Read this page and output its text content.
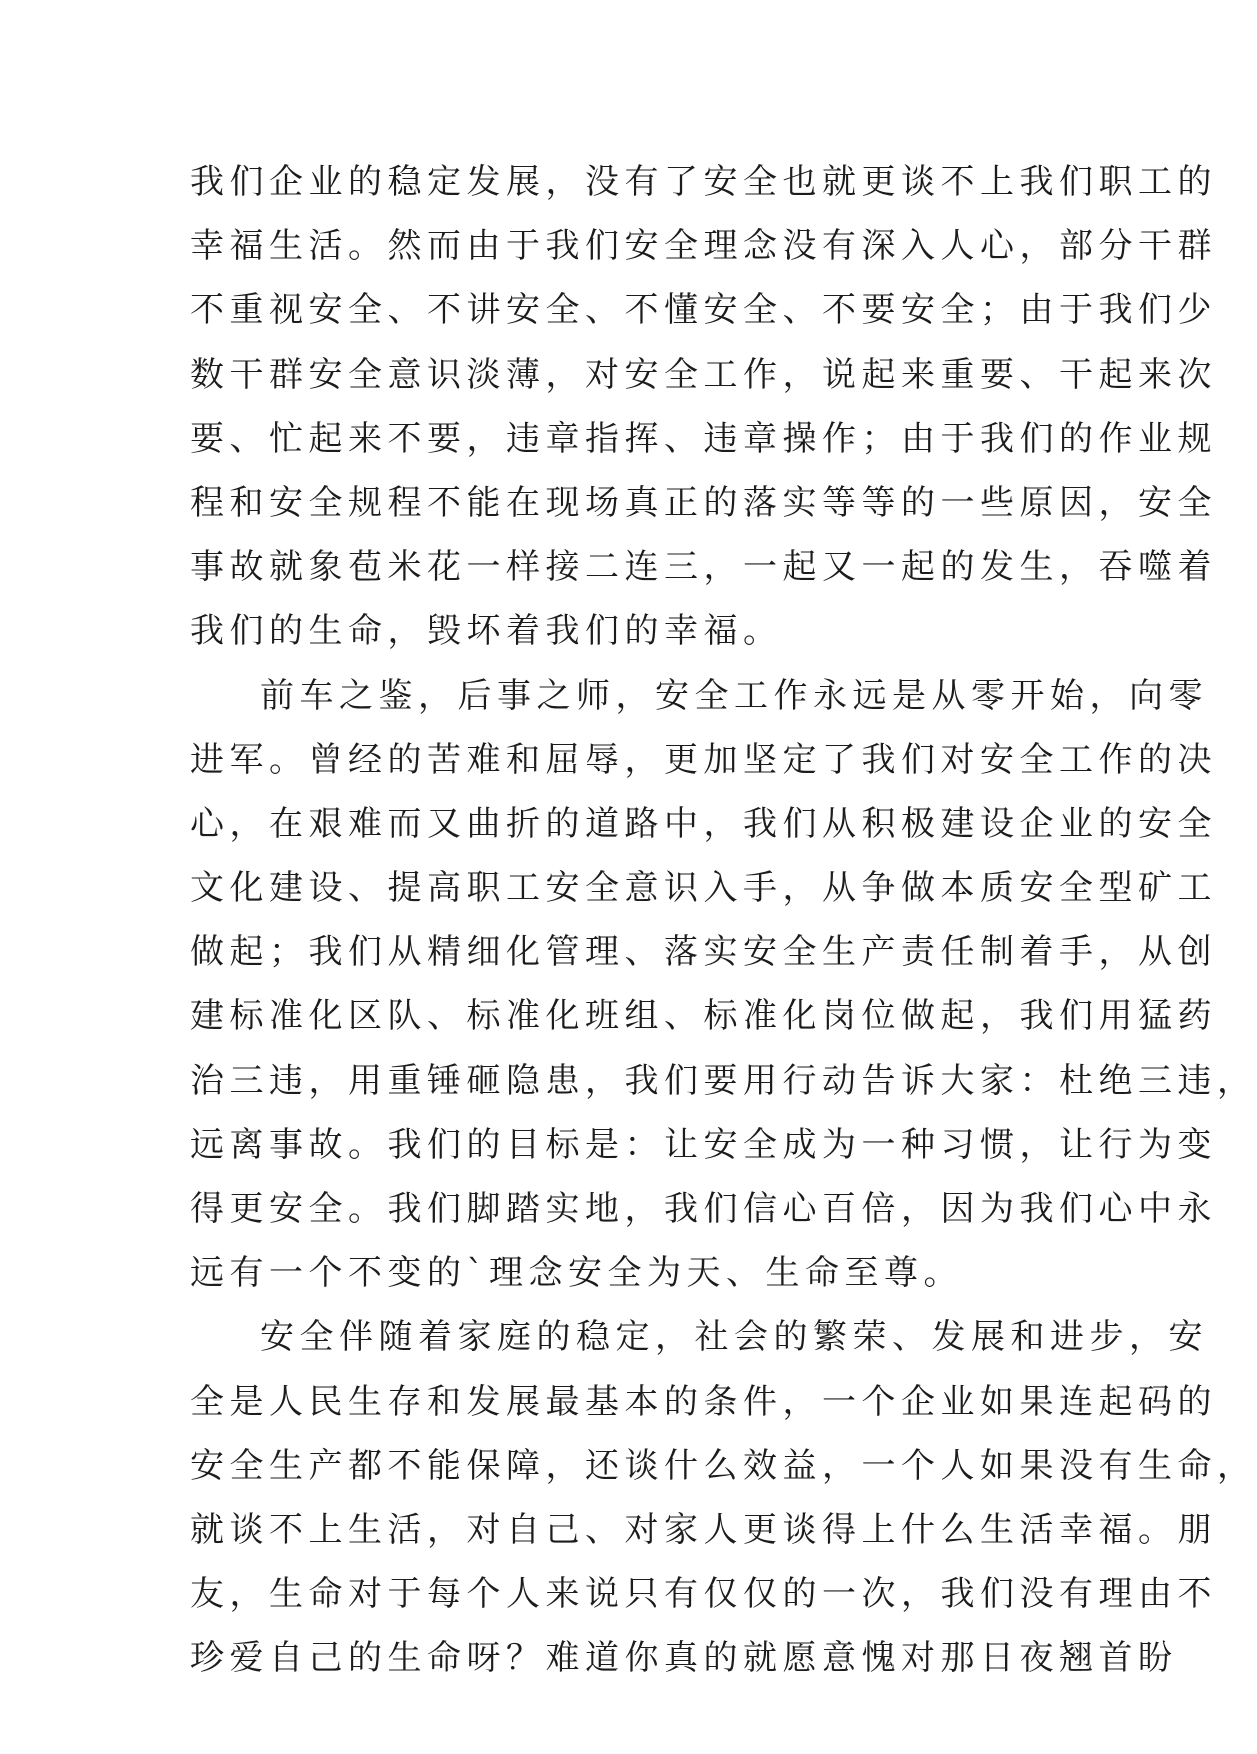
我们企业的稳定发展，没有了安全也就更谈不上我们职工的
幸福生活。然而由于我们安全理念没有深入人心，部分干群
不重视安全、不讲安全、不懂安全、不要安全；由于我们少
数干群安全意识淡薄，对安全工作，说起来重要、干起来次
要、忙起来不要，违章指挥、违章操作；由于我们的作业规
程和安全规程不能在现场真正的落实等等的一些原因，安全
事故就象苞米花一样接二连三，一起又一起的发生，吞噬着
我们的生命，毁坏着我们的幸福。
前车之鉴，后事之师，安全工作永远是从零开始，向零
进军。曾经的苦难和屈辱，更加坚定了我们对安全工作的决
心，在艰难而又曲折的道路中，我们从积极建设企业的安全
文化建设、提高职工安全意识入手，从争做本质安全型矿工
做起；我们从精细化管理、落实安全生产责任制着手，从创
建标准化区队、标准化班组、标准化岗位做起，我们用猛药
治三违，用重锤砸隐患，我们要用行动告诉大家：杜绝三违，
远离事故。我们的目标是：让安全成为一种习惯，让行为变
得更安全。我们脚踏实地，我们信心百倍，因为我们心中永
远有一个不变的`理念安全为天、生命至尊。
安全伴随着家庭的稳定，社会的繁荣、发展和进步，安
全是人民生存和发展最基本的条件，一个企业如果连起码的
安全生产都不能保障，还谈什么效益，一个人如果没有生命，
就谈不上生活，对自己、对家人更谈得上什么生活幸福。朋
友，生命对于每个人来说只有仅仅的一次，我们没有理由不
珍爱自己的生命呀？难道你真的就愿意愧对那日夜翘首盼
